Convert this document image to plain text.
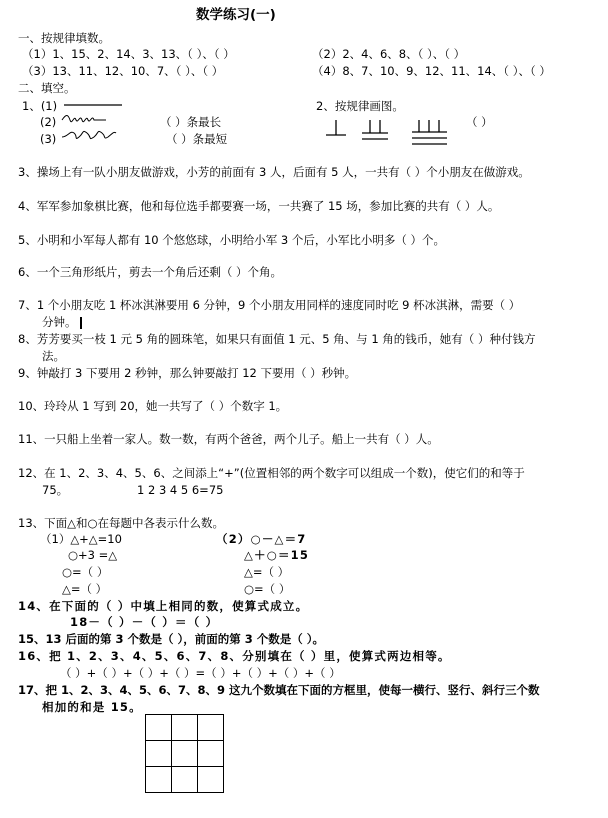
数学练习(一)
一、按规律填数。
（1）1、15、2、14、3、13、（ ）、（ ）	（2）2、4、6、8、（ ）、（ ）
（3）13、11、12、10、7、（ ）、（ ）	（4）8、7、10、9、12、11、14、（ ）、（ ）
二、填空。
1、(1)
(2)	（ ）条最长
(3)	（ ）条最短
2、按规律画图。
（ ）
3、操场上有一队小朋友做游戏，小芳的前面有 3 人，后面有 5 人，一共有（ ）个小朋友在做游戏。
4、军军参加象棋比赛，他和每位选手都要赛一场，一共赛了 15 场，参加比赛的共有（ ）人。
5、小明和小军每人都有 10 个悠悠球，小明给小军 3 个后，小军比小明多（ ）个。
6、一个三角形纸片，剪去一个角后还剩（ ）个角。
7、1 个小朋友吃 1 杯冰淇淋要用 6 分钟，9 个小朋友用同样的速度同时吃 9 杯冰淇淋，需要（ ）
分钟。
8、芳芳要买一枝 1 元 5 角的圆珠笔，如果只有面值 1 元、5 角、与 1 角的钱币，她有（ ）种付钱方
法。
9、钟敲打 3 下要用 2 秒钟，那么钟要敲打 12 下要用（ ）秒钟。
10、玲玲从 1 写到 20，她一共写了（ ）个数字 1。
11、一只船上坐着一家人。数一数，有两个爸爸，两个儿子。船上一共有（ ）人。
12、在 1、2、3、4、5、6、之间添上“+”(位置相邻的两个数字可以组成一个数)，使它们的和等于
75。	1 2 3 4 5 6=75
13、下面△和○在每题中各表示什么数。
（1）△+△=10
○+3 =△
○=（ ）
△=（ ）
（2）○－△＝7
△＋○＝15
△=（ ）
○=（ ）
14、在下面的（ ）中填上相同的数，使算式成立。
18－（ ）－（ ）＝（ ）
15、13 后面的第 3 个数是（ ），前面的第 3 个数是（ ）。
16、把 1、2、3、4、5、6、7、8、分别填在（ ）里，使算式两边相等。
（ ）+（ ）+（ ）+（ ）=（ ）+（ ）+（ ）+（ ）
17、把 1、2、3、4、5、6、7、8、9 这九个数填在下面的方框里，使每一横行、竖行、斜行三个数
相加的和是 15。
